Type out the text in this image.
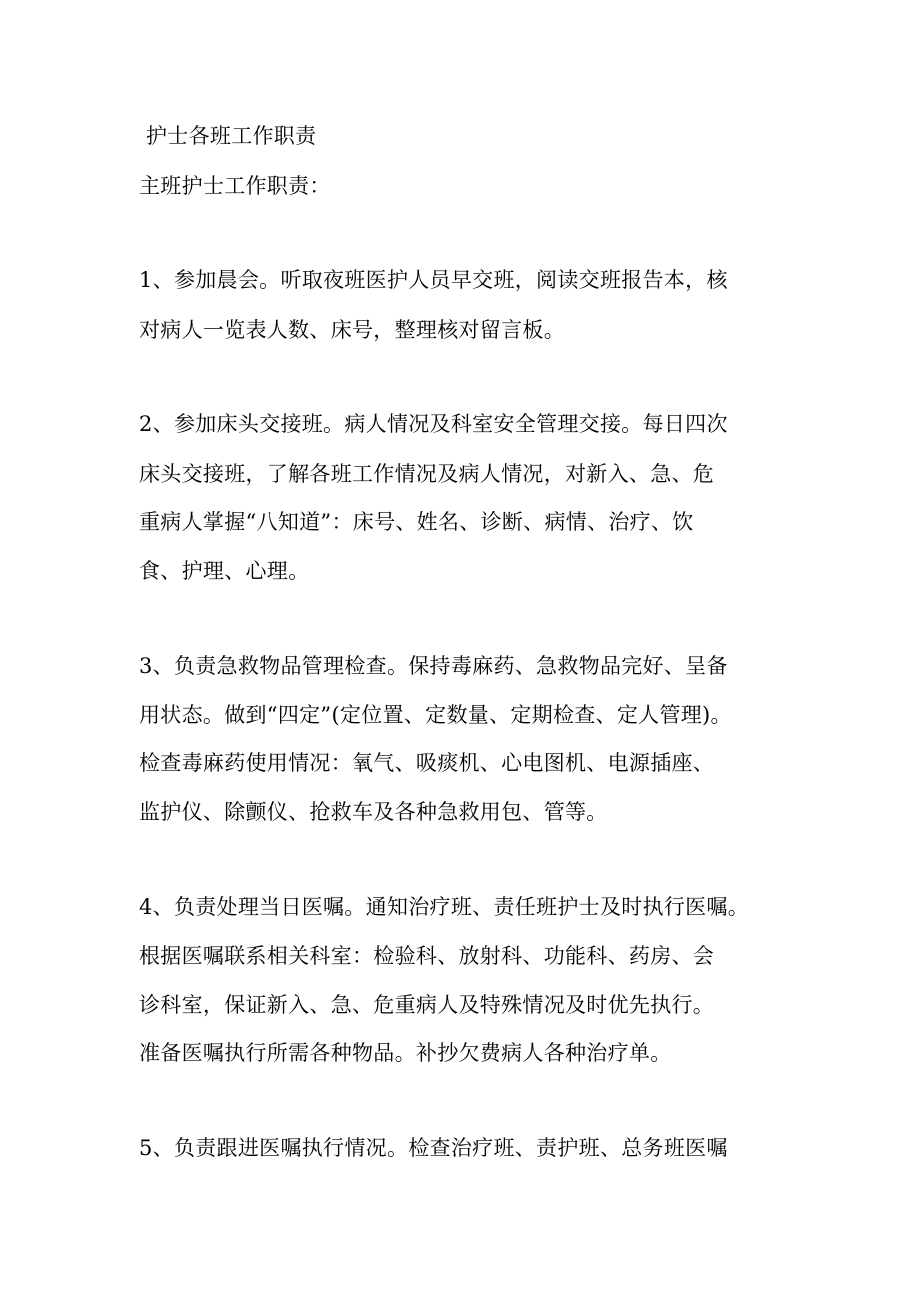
护士各班工作职责
主班护士工作职责：
1、参加晨会。听取夜班医护人员早交班，阅读交班报告本，核
对病人一览表人数、床号，整理核对留言板。
2、参加床头交接班。病人情况及科室安全管理交接。每日四次
床头交接班，了解各班工作情况及病人情况，对新入、急、危
重病人掌握“八知道”：床号、姓名、诊断、病情、治疗、饮
食、护理、心理。
3、负责急救物品管理检查。保持毒麻药、急救物品完好、呈备
用状态。做到“四定”(定位置、定数量、定期检查、定人管理)。
检查毒麻药使用情况：氧气、吸痰机、心电图机、电源插座、
监护仪、除颤仪、抢救车及各种急救用包、管等。
4、负责处理当日医嘱。通知治疗班、责任班护士及时执行医嘱。
根据医嘱联系相关科室：检验科、放射科、功能科、药房、会
诊科室，保证新入、急、危重病人及特殊情况及时优先执行。
准备医嘱执行所需各种物品。补抄欠费病人各种治疗单。
5、负责跟进医嘱执行情况。检查治疗班、责护班、总务班医嘱
